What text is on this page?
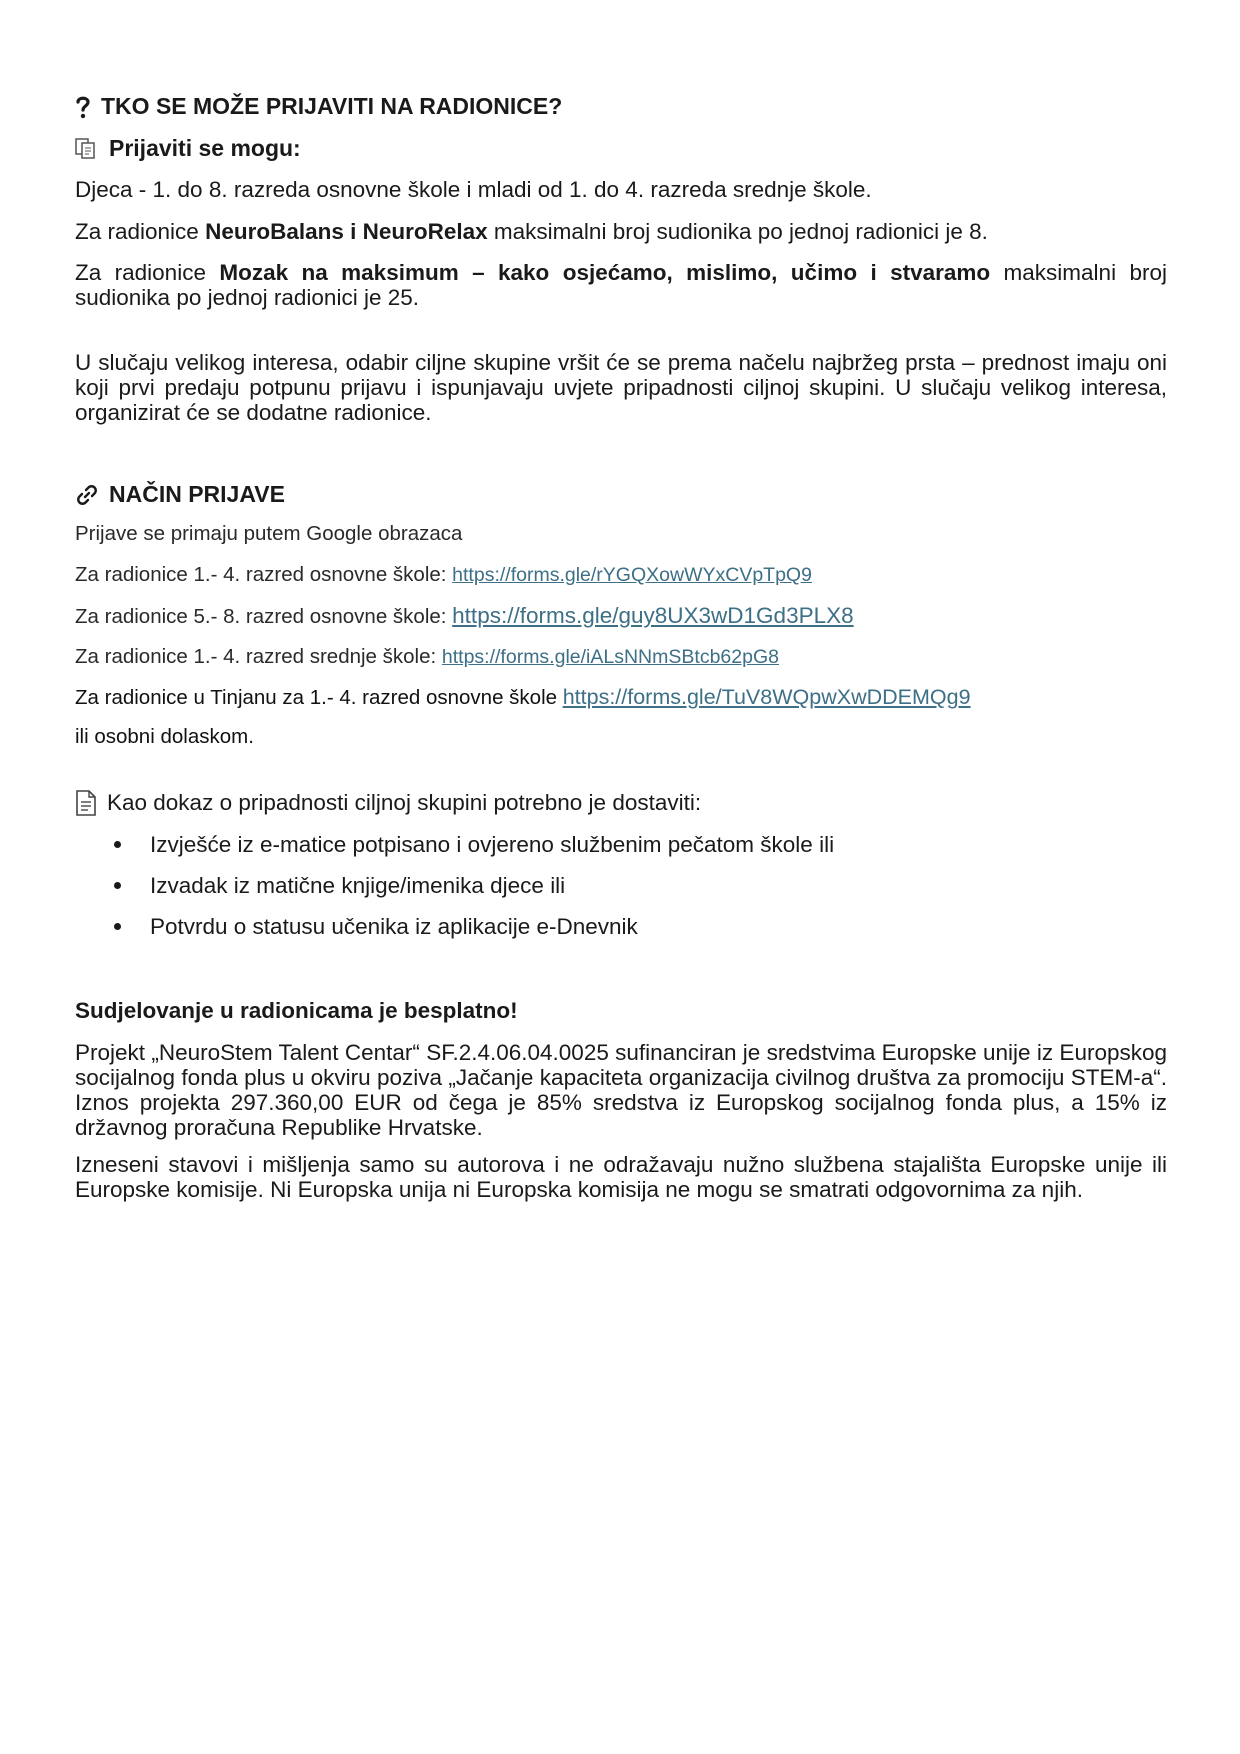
TKO SE MOŽE PRIJAVITI NA RADIONICE?
Prijaviti se mogu:
Djeca - 1. do 8. razreda osnovne škole i mladi od 1. do 4. razreda srednje škole.
Za radionice NeuroBalans i NeuroRelax maksimalni broj sudionika po jednoj radionici je 8.
Za radionice Mozak na maksimum – kako osjećamo, mislimo, učimo i stvaramo maksimalni broj sudionika po jednoj radionici je 25.
U slučaju velikog interesa, odabir ciljne skupine vršit će se prema načelu najbržeg prsta – prednost imaju oni koji prvi predaju potpunu prijavu i ispunjavaju uvjete pripadnosti ciljnoj skupini. U slučaju velikog interesa, organizirat će se dodatne radionice.
NAČIN PRIJAVE
Prijave se primaju putem Google obrazaca
Za radionice 1.- 4. razred osnovne škole: https://forms.gle/rYGQXowWYxCVpTpQ9
Za radionice 5.- 8. razred osnovne škole: https://forms.gle/guy8UX3wD1Gd3PLX8
Za radionice 1.- 4. razred srednje škole: https://forms.gle/iALsNNmSBtcb62pG8
Za radionice u Tinjanu za 1.- 4. razred osnovne škole https://forms.gle/TuV8WQpwXwDDEMQg9
ili osobni dolaskom.
Kao dokaz o pripadnosti ciljnoj skupini potrebno je dostaviti:
Izvješće iz e-matice potpisano i ovjereno službenim pečatom škole ili
Izvadak iz matične knjige/imenika djece ili
Potvrdu o statusu učenika iz aplikacije e-Dnevnik
Sudjelovanje u radionicama je besplatno!
Projekt „NeuroStem Talent Centar“ SF.2.4.06.04.0025 sufinanciran je sredstvima Europske unije iz Europskog socijalnog fonda plus u okviru poziva „Jačanje kapaciteta organizacija civilnog društva za promociju STEM-a“. Iznos projekta 297.360,00 EUR od čega je 85% sredstva iz Europskog socijalnog fonda plus, a 15% iz državnog proračuna Republike Hrvatske.
Izneseni stavovi i mišljenja samo su autorova i ne odražavaju nužno službena stajališta Europske unije ili Europske komisije. Ni Europska unija ni Europska komisija ne mogu se smatrati odgovornima za njih.
